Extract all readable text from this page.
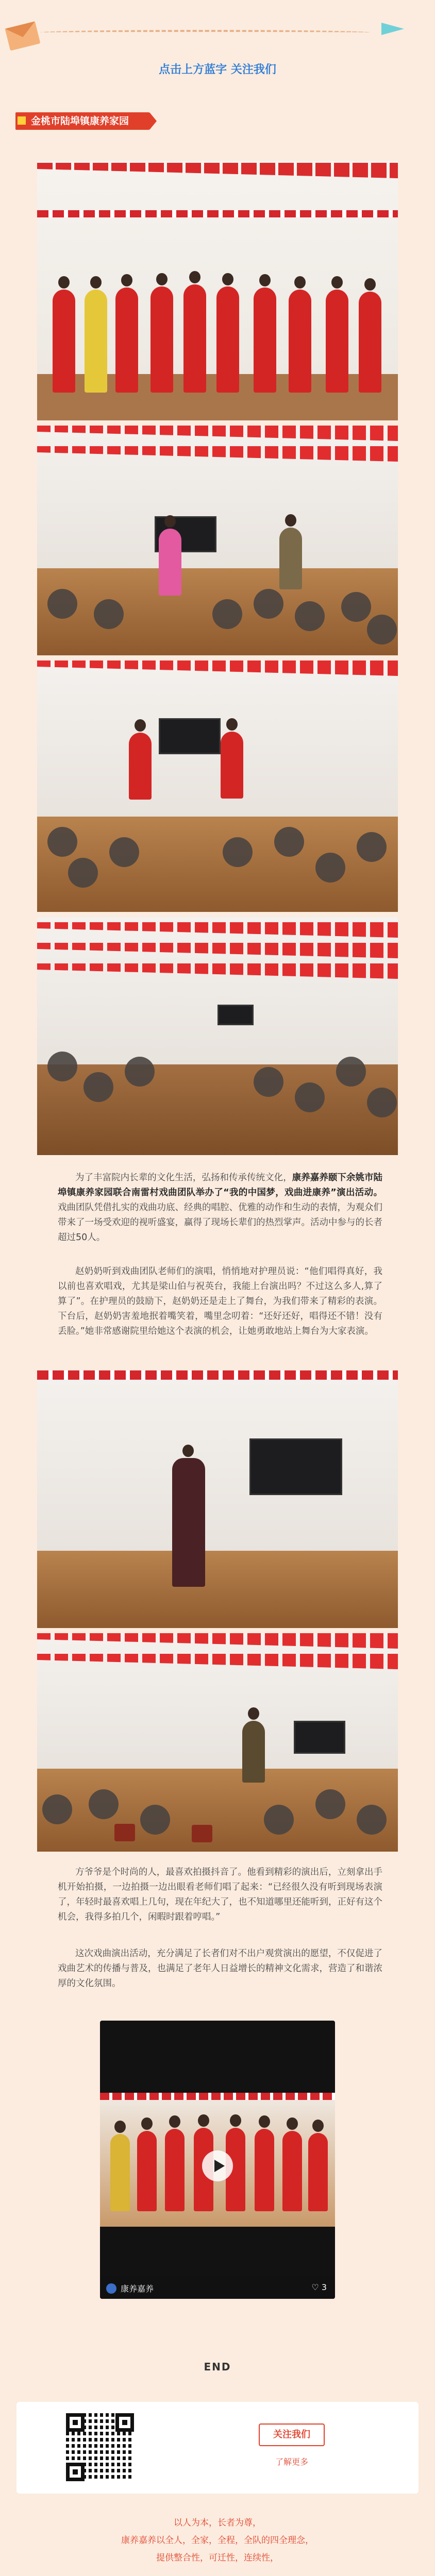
点击上方蓝字 关注我们
金桃市陆埠镇康养家园
为了丰富院内长辈的文化生活，弘扬和传承传统文化，康养嘉养颐下余姚市陆埠镇康养家园联合南雷村戏曲团队举办了“我的中国梦，戏曲进康养”演出活动。戏曲团队凭借扎实的戏曲功底、经典的唱腔、优雅的动作和生动的表情，为观众们带来了一场受欢迎的视听盛宴，赢得了现场长辈们的热烈掌声。活动中参与的长者超过50人。
赵奶奶听到戏曲团队老师们的演唱，悄悄地对护理员说：“他们唱得真好，我以前也喜欢唱戏，尤其是梁山伯与祝英台，我能上台演出吗？不过这么多人,算了算了”。在护理员的鼓励下，赵奶奶还是走上了舞台，为我们带来了精彩的表演。下台后，赵奶奶害羞地抿着嘴笑着，嘴里念叨着：“还好还好，唱得还不错！没有丢脸。”她非常感谢院里给她这个表演的机会，让她勇敢地站上舞台为大家表演。
方爷爷是个时尚的人，最喜欢拍摄抖音了。他看到精彩的演出后，立刻拿出手机开始拍摄，一边拍摄一边出眼看老师们唱了起来：“已经很久没有听到现场表演了，年轻时最喜欢唱上几句，现在年纪大了，也不知道哪里还能听到，正好有这个机会，我得多拍几个，闲暇时跟着哼唱。”
这次戏曲演出活动，充分满足了长者们对不出户观赏演出的愿望，不仅促进了戏曲艺术的传播与普及，也满足了老年人日益增长的精神文化需求，营造了和谐浓厚的文化氛围。
康养嘉养	♡ 3
END
关注我们
了解更多
以人为本，长者为尊，
康养嘉养以全人，全家，全程，全队的四全理念，
提供整合性，可迁性，连续性，
